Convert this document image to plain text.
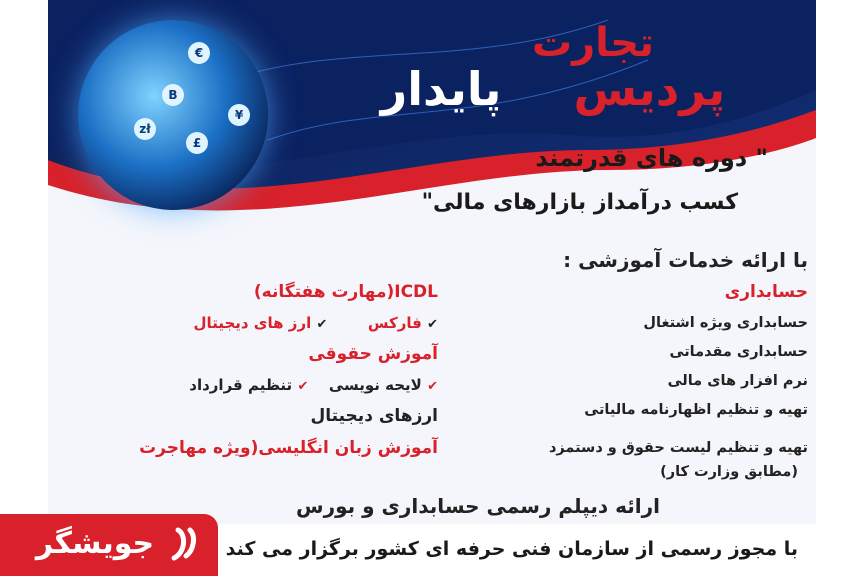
€
B
¥
zł
£
تجارت
پردیس  پایدار
" دوره های قدرتمند
کسب درآمداز بازارهای مالی"
با ارائه خدمات آموزشی :
حسابداری
حسابداری ویژه اشتغال
حسابداری مقدماتی
نرم افزار های مالی
تهیه و تنظیم اظهارنامه مالیاتی
تهیه و تنظیم لیست حقوق و دستمزد
(مطابق وزارت کار)
ICDL(مهارت هفتگانه)
✔ فارکس  ✔ ارز های دیجیتال
آموزش حقوقی
✔ لایحه نویسی  ✔ تنظیم قرارداد
ارزهای دیجیتال
آموزش زبان انگلیسی(ویژه مهاجرت
ارائه دیپلم رسمی حسابداری و بورس
با مجوز رسمی از سازمان فنی حرفه ای کشور برگزار می کند
جویشگر
